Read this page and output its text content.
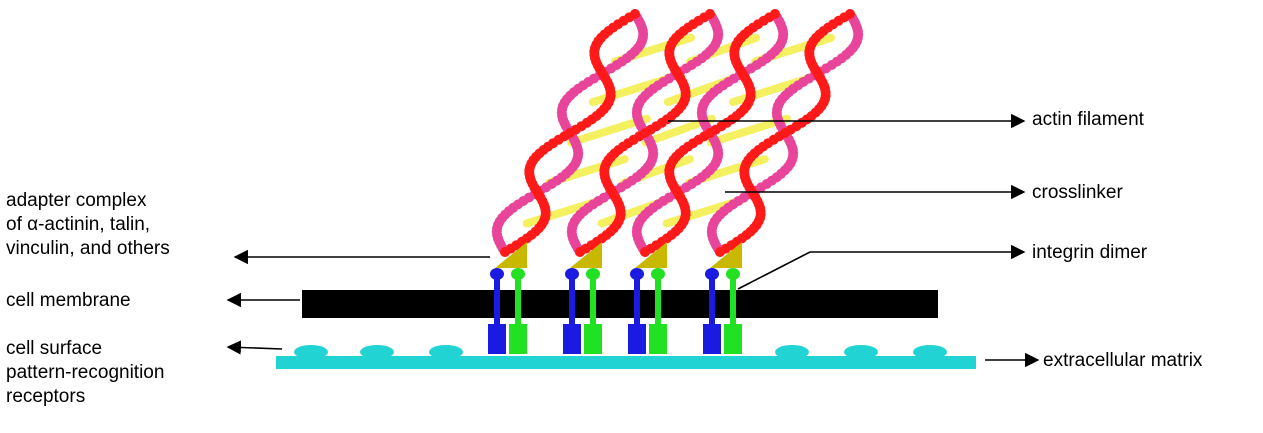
actin filament
crosslinker
integrin dimer
extracellular matrix
adapter complex
of α-actinin, talin,
vinculin, and others
cell membrane
cell surface
pattern-recognition
receptors
